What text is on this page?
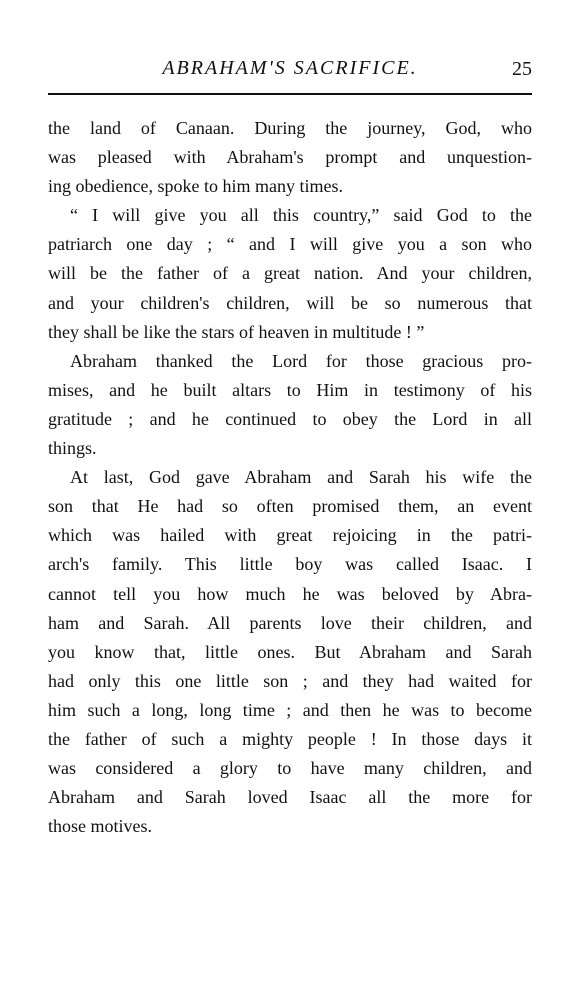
ABRAHAM'S SACRIFICE.	25
the land of Canaan. During the journey, God, who
was pleased with Abraham's prompt and unquestion-
ing obedience, spoke to him many times.
“ I will give you all this country,” said God to the
patriarch one day ; “ and I will give you a son who
will be the father of a great nation. And your children,
and your children's children, will be so numerous that
they shall be like the stars of heaven in multitude ! ”
Abraham thanked the Lord for those gracious pro-
mises, and he built altars to Him in testimony of his
gratitude ; and he continued to obey the Lord in all
things.
At last, God gave Abraham and Sarah his wife the
son that He had so often promised them, an event
which was hailed with great rejoicing in the patri-
arch's family. This little boy was called Isaac. I
cannot tell you how much he was beloved by Abra-
ham and Sarah. All parents love their children, and
you know that, little ones. But Abraham and Sarah
had only this one little son ; and they had waited for
him such a long, long time ; and then he was to become
the father of such a mighty people ! In those days it
was considered a glory to have many children, and
Abraham and Sarah loved Isaac all the more for
those motives.
